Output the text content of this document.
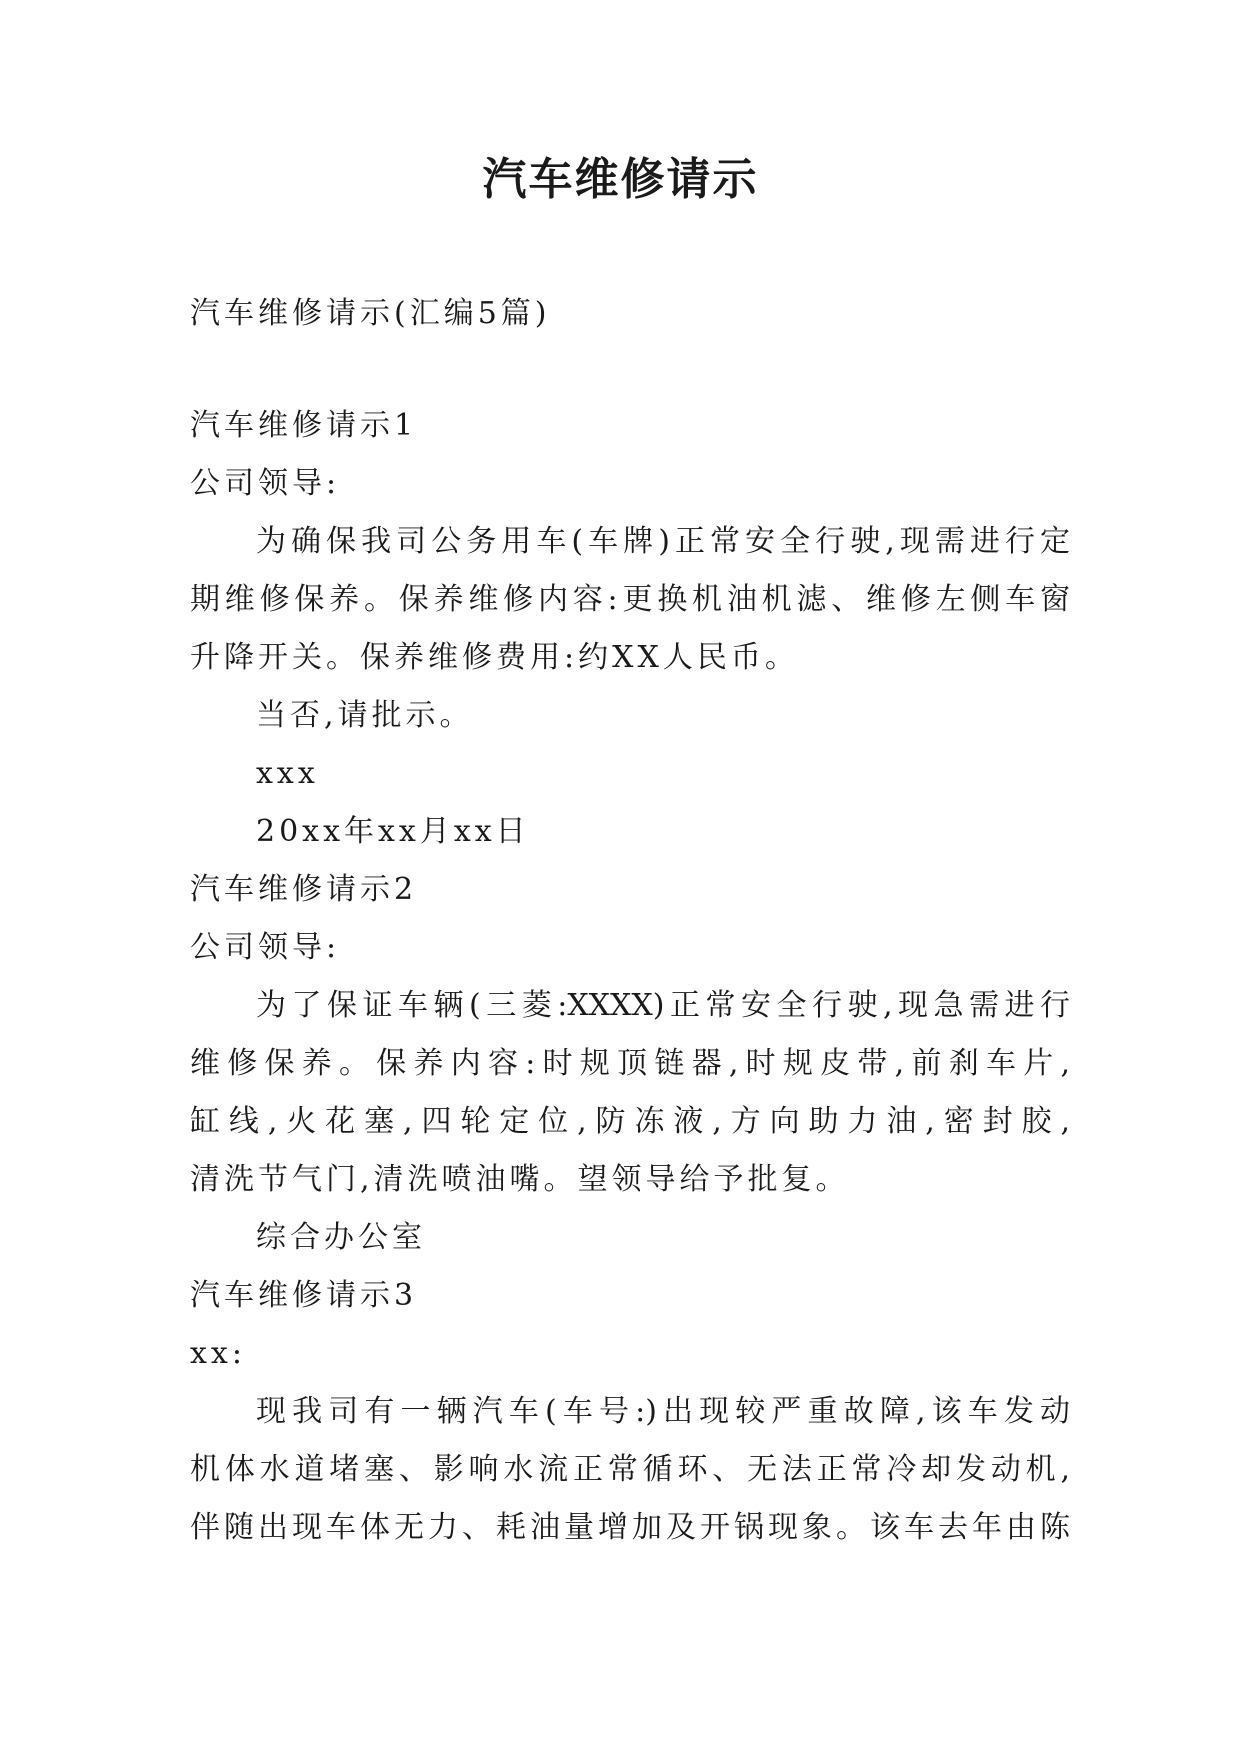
汽车维修请示
汽车维修请示(汇编5篇)
汽车维修请示1
公司领导:
为确保我司公务用车(车牌)正常安全行驶,现需进行定
期维修保养。保养维修内容:更换机油机滤、维修左侧车窗
升降开关。保养维修费用:约XX人民币。
当否,请批示。
xxx
20xx年xx月xx日
汽车维修请示2
公司领导:
为了保证车辆(三菱:XXXX)正常安全行驶,现急需进行
维修保养。保养内容:时规顶链器,时规皮带,前刹车片,
缸线,火花塞,四轮定位,防冻液,方向助力油,密封胶,
清洗节气门,清洗喷油嘴。望领导给予批复。
综合办公室
汽车维修请示3
xx:
现我司有一辆汽车(车号:)出现较严重故障,该车发动
机体水道堵塞、影响水流正常循环、无法正常冷却发动机,
伴随出现车体无力、耗油量增加及开锅现象。该车去年由陈
